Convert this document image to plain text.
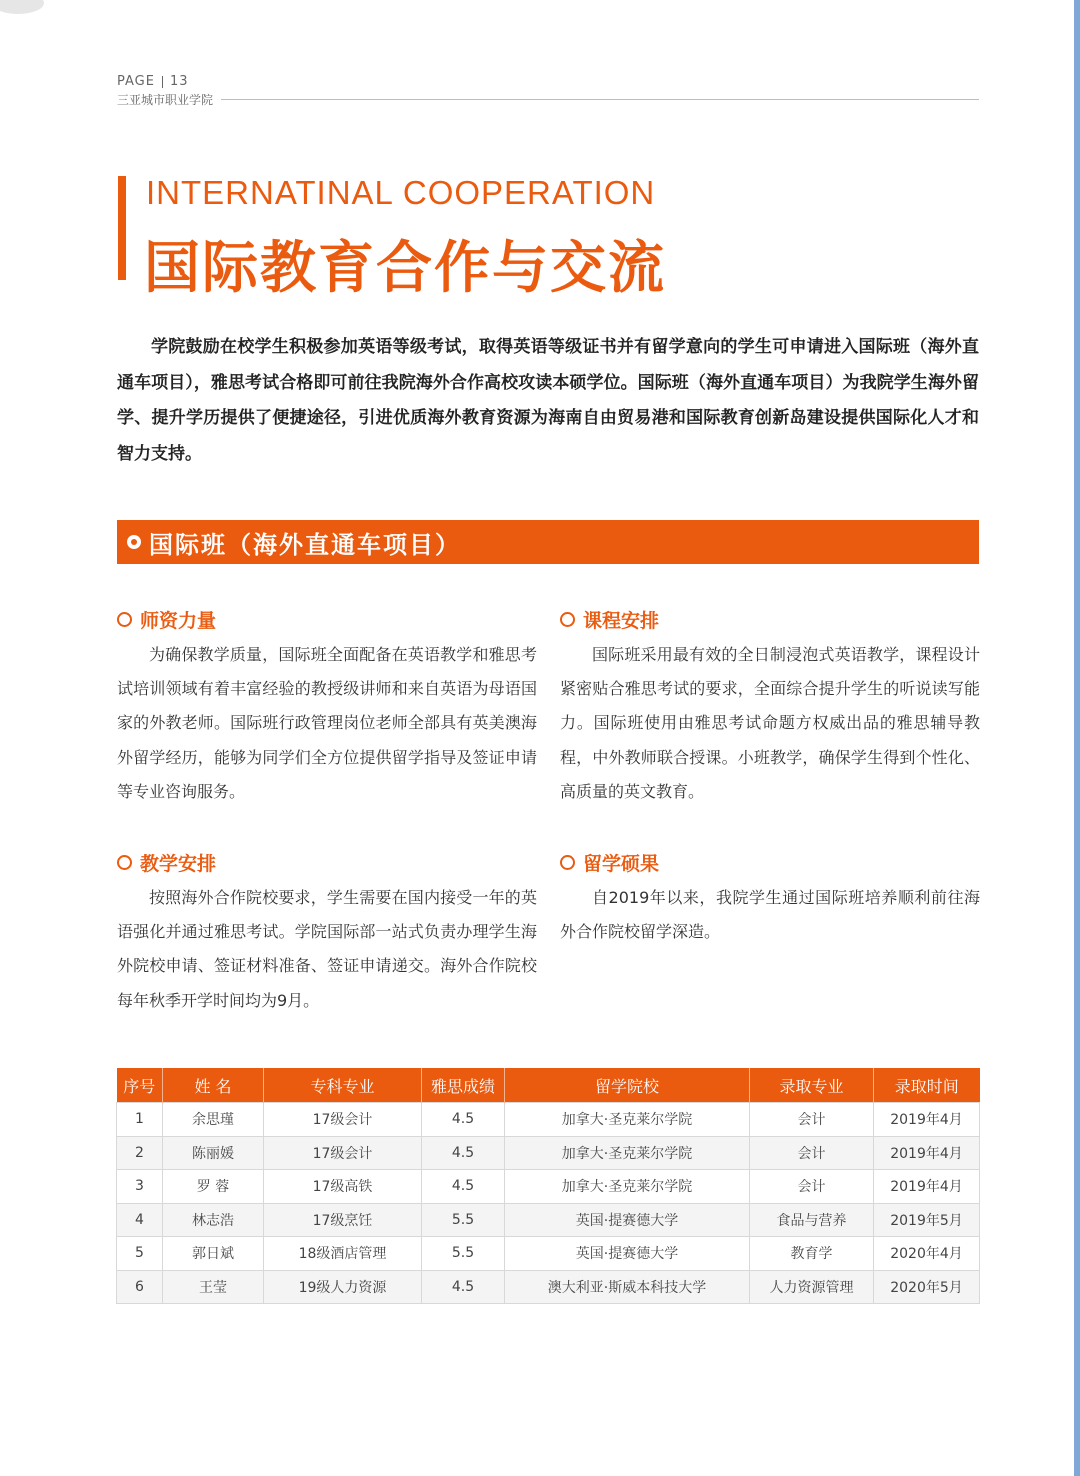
PAGE 13
三亚城市职业学院
INTERNATINAL COOPERATION
国际教育合作与交流
学院鼓励在校学生积极参加英语等级考试，取得英语等级证书并有留学意向的学生可申请进入国际班（海外直通车项目），雅思考试合格即可前往我院海外合作高校攻读本硕学位。国际班（海外直通车项目）为我院学生海外留学、提升学历提供了便捷途径，引进优质海外教育资源为海南自由贸易港和国际教育创新岛建设提供国际化人才和智力支持。
国际班（海外直通车项目）
师资力量
为确保教学质量，国际班全面配备在英语教学和雅思考试培训领域有着丰富经验的教授级讲师和来自英语为母语国家的外教老师。国际班行政管理岗位老师全部具有英美澳海外留学经历，能够为同学们全方位提供留学指导及签证申请等专业咨询服务。
课程安排
国际班采用最有效的全日制浸泡式英语教学，课程设计紧密贴合雅思考试的要求，全面综合提升学生的听说读写能力。国际班使用由雅思考试命题方权威出品的雅思辅导教程，中外教师联合授课。小班教学，确保学生得到个性化、高质量的英文教育。
教学安排
按照海外合作院校要求，学生需要在国内接受一年的英语强化并通过雅思考试。学院国际部一站式负责办理学生海外院校申请、签证材料准备、签证申请递交。海外合作院校每年秋季开学时间均为9月。
留学硕果
自2019年以来，我院学生通过国际班培养顺利前往海外合作院校留学深造。
序号	姓 名	专科专业	雅思成绩	留学院校	录取专业	录取时间
1	余思瑾	17级会计	4.5	加拿大·圣克莱尔学院	会计	2019年4月
2	陈丽媛	17级会计	4.5	加拿大·圣克莱尔学院	会计	2019年4月
3	罗 蓉	17级高铁	4.5	加拿大·圣克莱尔学院	会计	2019年4月
4	林志浩	17级烹饪	5.5	英国·提赛德大学	食品与营养	2019年5月
5	郭日斌	18级酒店管理	5.5	英国·提赛德大学	教育学	2020年4月
6	王莹	19级人力资源	4.5	澳大利亚·斯威本科技大学	人力资源管理	2020年5月
